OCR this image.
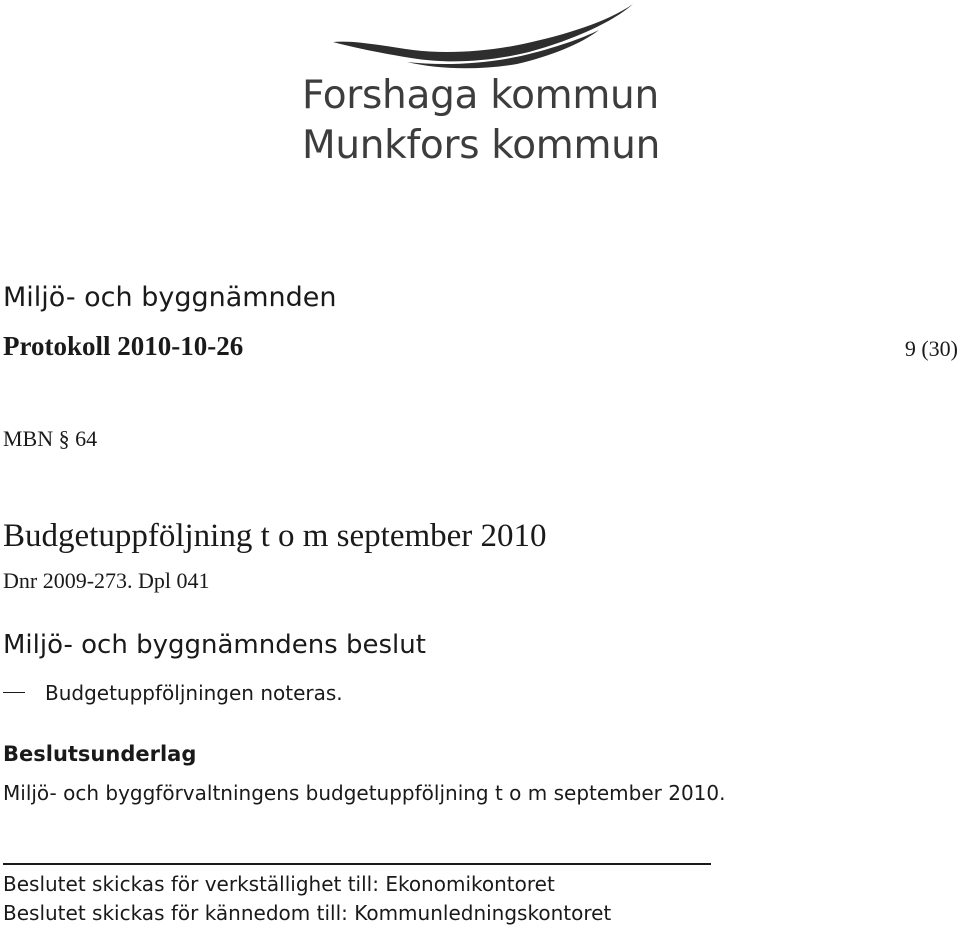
Forshaga kommun
Munkfors kommun
Miljö- och byggnämnden
Protokoll 2010-10-26	9 (30)
MBN § 64
Budgetuppföljning t o m september 2010
Dnr 2009-273. Dpl 041
Miljö- och byggnämndens beslut
Budgetuppföljningen noteras.
Beslutsunderlag
Miljö- och byggförvaltningens budgetuppföljning t o m september 2010.
Beslutet skickas för verkställighet till: Ekonomikontoret
Beslutet skickas för kännedom till: Kommunledningskontoret
